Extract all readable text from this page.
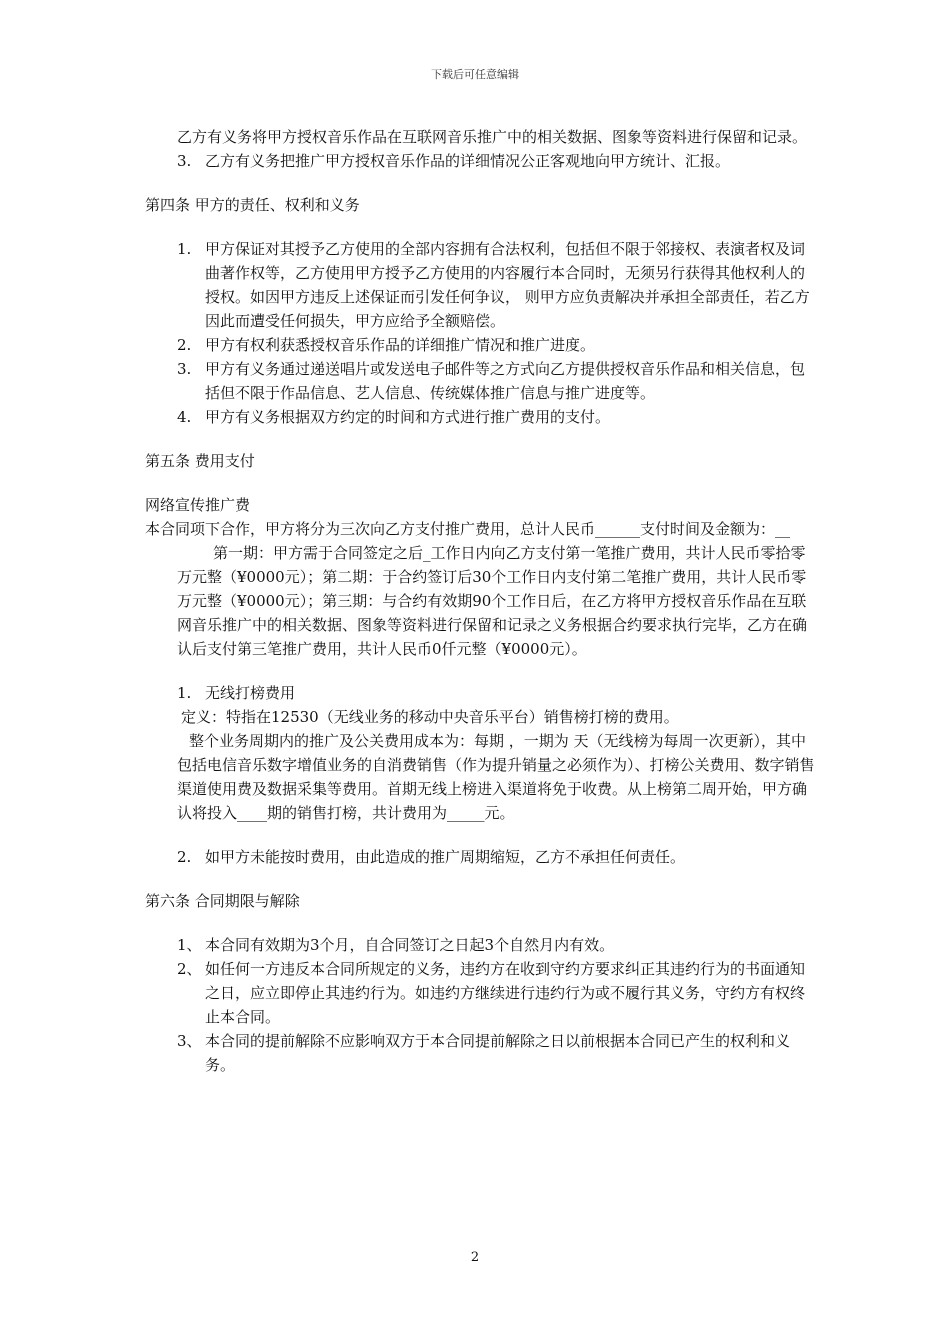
下载后可任意编辑

乙方有义务将甲方授权音乐作品在互联网音乐推广中的相关数据、图象等资料进行保留和记录。

3. 乙方有义务把推广甲方授权音乐作品的详细情况公正客观地向甲方统计、汇报。

第四条 甲方的责任、权利和义务

1. 甲方保证对其授予乙方使用的全部内容拥有合法权利，包括但不限于邻接权、表演者权及词曲著作权等，乙方使用甲方授予乙方使用的内容履行本合同时，无须另行获得其他权利人的授权。如因甲方违反上述保证而引发任何争议， 则甲方应负责解决并承担全部责任，若乙方因此而遭受任何损失，甲方应给予全额赔偿。
2. 甲方有权利获悉授权音乐作品的详细推广情况和推广进度。
3. 甲方有义务通过递送唱片或发送电子邮件等之方式向乙方提供授权音乐作品和相关信息，包括但不限于作品信息、艺人信息、传统媒体推广信息与推广进度等。
4. 甲方有义务根据双方约定的时间和方式进行推广费用的支付。

第五条 费用支付

网络宣传推广费

本合同项下合作，甲方将分为三次向乙方支付推广费用，总计人民币______支付时间及金额为：__

第一期：甲方需于合同签定之后_工作日内向乙方支付第一笔推广费用，共计人民币零拾零万元整（¥0000元）；第二期：于合约签订后30个工作日内支付第二笔推广费用，共计人民币零万元整（¥0000元）；第三期：与合约有效期90个工作日后，在乙方将甲方授权音乐作品在互联网音乐推广中的相关数据、图象等资料进行保留和记录之义务根据合约要求执行完毕，乙方在确认后支付第三笔推广费用，共计人民币0仟元整（¥0000元）。

1. 无线打榜费用

定义：特指在12530（无线业务的移动中央音乐平台）销售榜打榜的费用。

整个业务周期内的推广及公关费用成本为：每期 ，一期为 天（无线榜为每周一次更新），其中包括电信音乐数字增值业务的自消费销售（作为提升销量之必须作为）、打榜公关费用、数字销售渠道使用费及数据采集等费用。首期无线上榜进入渠道将免于收费。从上榜第二周开始，甲方确认将投入____期的销售打榜，共计费用为_____元。

2. 如甲方未能按时费用，由此造成的推广周期缩短，乙方不承担任何责任。

第六条 合同期限与解除

1、 本合同有效期为3个月，自合同签订之日起3个自然月内有效。
2、 如任何一方违反本合同所规定的义务，违约方在收到守约方要求纠正其违约行为的书面通知之日，应立即停止其违约行为。如违约方继续进行违约行为或不履行其义务，守约方有权终止本合同。
3、 本合同的提前解除不应影响双方于本合同提前解除之日以前根据本合同已产生的权利和义务。
2
